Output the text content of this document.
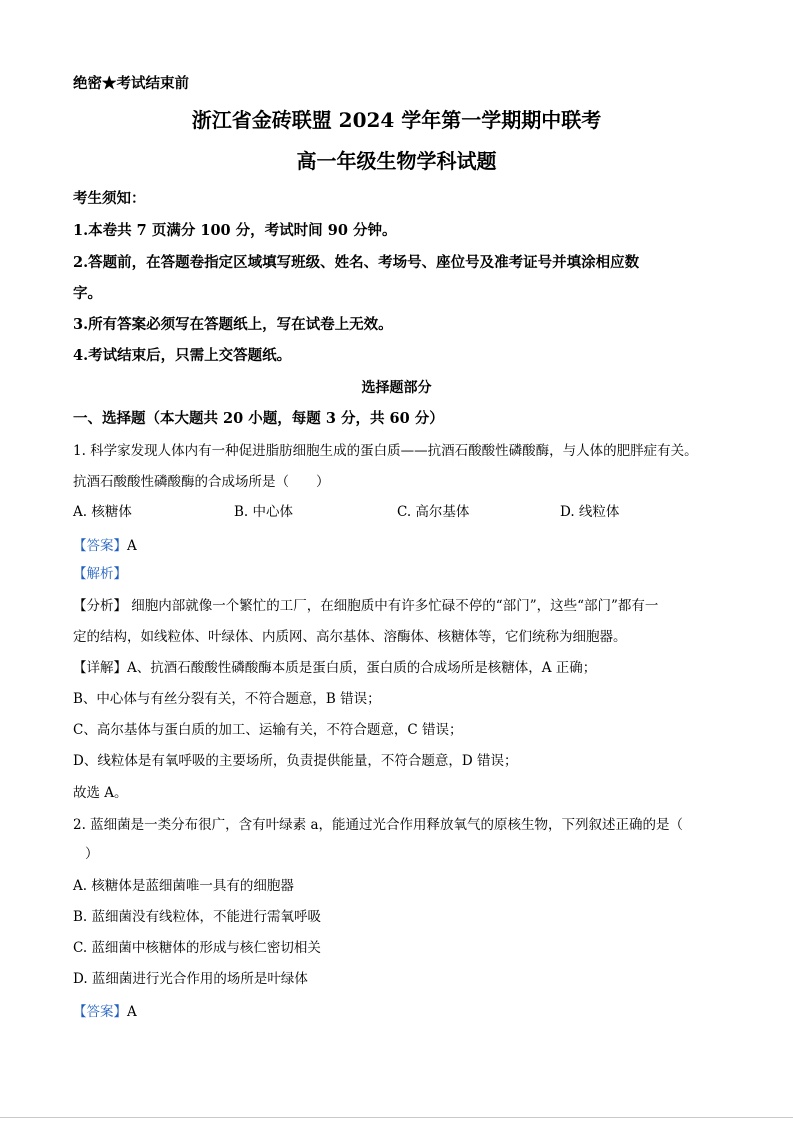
绝密★考试结束前
浙江省金砖联盟 2024 学年第一学期期中联考
高一年级生物学科试题
考生须知：
1.本卷共 7 页满分 100 分，考试时间 90 分钟。
2.答题前，在答题卷指定区域填写班级、姓名、考场号、座位号及准考证号并填涂相应数
字。
3.所有答案必须写在答题纸上，写在试卷上无效。
4.考试结束后，只需上交答题纸。
选择题部分
一、选择题（本大题共 20 小题，每题 3 分，共 60 分）
1. 科学家发现人体内有一种促进脂肪细胞生成的蛋白质——抗酒石酸酸性磷酸酶，与人体的肥胖症有关。
抗酒石酸酸性磷酸酶的合成场所是（　　）
A. 核糖体	B. 中心体	C. 高尔基体	D. 线粒体
【答案】A
【解析】
【分析】 细胞内部就像一个繁忙的工厂，在细胞质中有许多忙碌不停的“部门”，这些“部门”都有一
定的结构，如线粒体、叶绿体、内质网、高尔基体、溶酶体、核糖体等，它们统称为细胞器。
【详解】A、抗酒石酸酸性磷酸酶本质是蛋白质，蛋白质的合成场所是核糖体，A 正确；
B、中心体与有丝分裂有关，不符合题意，B 错误；
C、高尔基体与蛋白质的加工、运输有关，不符合题意，C 错误；
D、线粒体是有氧呼吸的主要场所，负责提供能量，不符合题意，D 错误；
故选 A。
2. 蓝细菌是一类分布很广，含有叶绿素 a，能通过光合作用释放氧气的原核生物，下列叙述正确的是（
）
A. 核糖体是蓝细菌唯一具有的细胞器
B. 蓝细菌没有线粒体，不能进行需氧呼吸
C. 蓝细菌中核糖体的形成与核仁密切相关
D. 蓝细菌进行光合作用的场所是叶绿体
【答案】A
